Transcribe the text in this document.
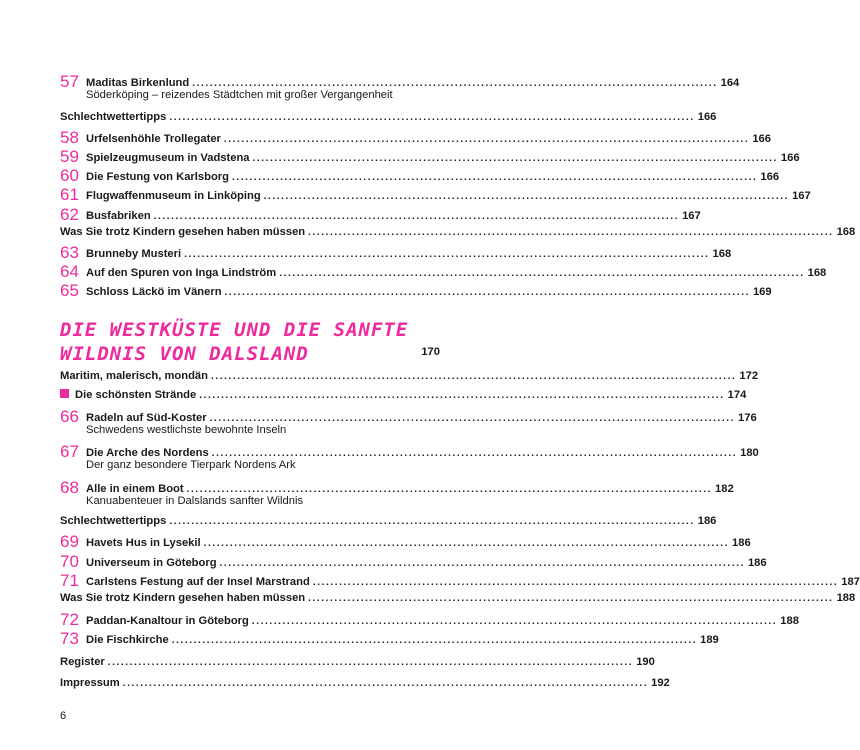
57 Maditas Birkenlund ........................................................................................................................ 164
Söderköping – reizendes Städtchen mit großer Vergangenheit
Schlechtwettertipps ........................................................................................................................ 166
58 Urfelsenhöhle Trollegater ........................................................................................................................ 166
59 Spielzeugmuseum in Vadstena ........................................................................................................................ 166
60 Die Festung von Karlsborg ........................................................................................................................ 166
61 Flugwaffenmuseum in Linköping ........................................................................................................................ 167
62 Busfabriken ........................................................................................................................ 167
Was Sie trotz Kindern gesehen haben müssen ........................................................................................................................ 168
63 Brunneby Musteri ........................................................................................................................ 168
64 Auf den Spuren von Inga Lindström ........................................................................................................................ 168
65 Schloss Läckö im Vänern ........................................................................................................................ 169
DIE WESTKÜSTE UND DIE SANFTE
WILDNIS VON DALSLAND	170
Maritim, malerisch, mondän ........................................................................................................................ 172
Die schönsten Strände ........................................................................................................................ 174
66 Radeln auf Süd-Koster ........................................................................................................................ 176
Schwedens westlichste bewohnte Inseln
67 Die Arche des Nordens ........................................................................................................................ 180
Der ganz besondere Tierpark Nordens Ark
68 Alle in einem Boot ........................................................................................................................ 182
Kanuabenteuer in Dalslands sanfter Wildnis
Schlechtwettertipps ........................................................................................................................ 186
69 Havets Hus in Lysekil ........................................................................................................................ 186
70 Universeum in Göteborg ........................................................................................................................ 186
71 Carlstens Festung auf der Insel Marstrand ........................................................................................................................ 187
Was Sie trotz Kindern gesehen haben müssen ........................................................................................................................ 188
72 Paddan-Kanaltour in Göteborg ........................................................................................................................ 188
73 Die Fischkirche ........................................................................................................................ 189
Register ........................................................................................................................ 190
Impressum ........................................................................................................................ 192
6
